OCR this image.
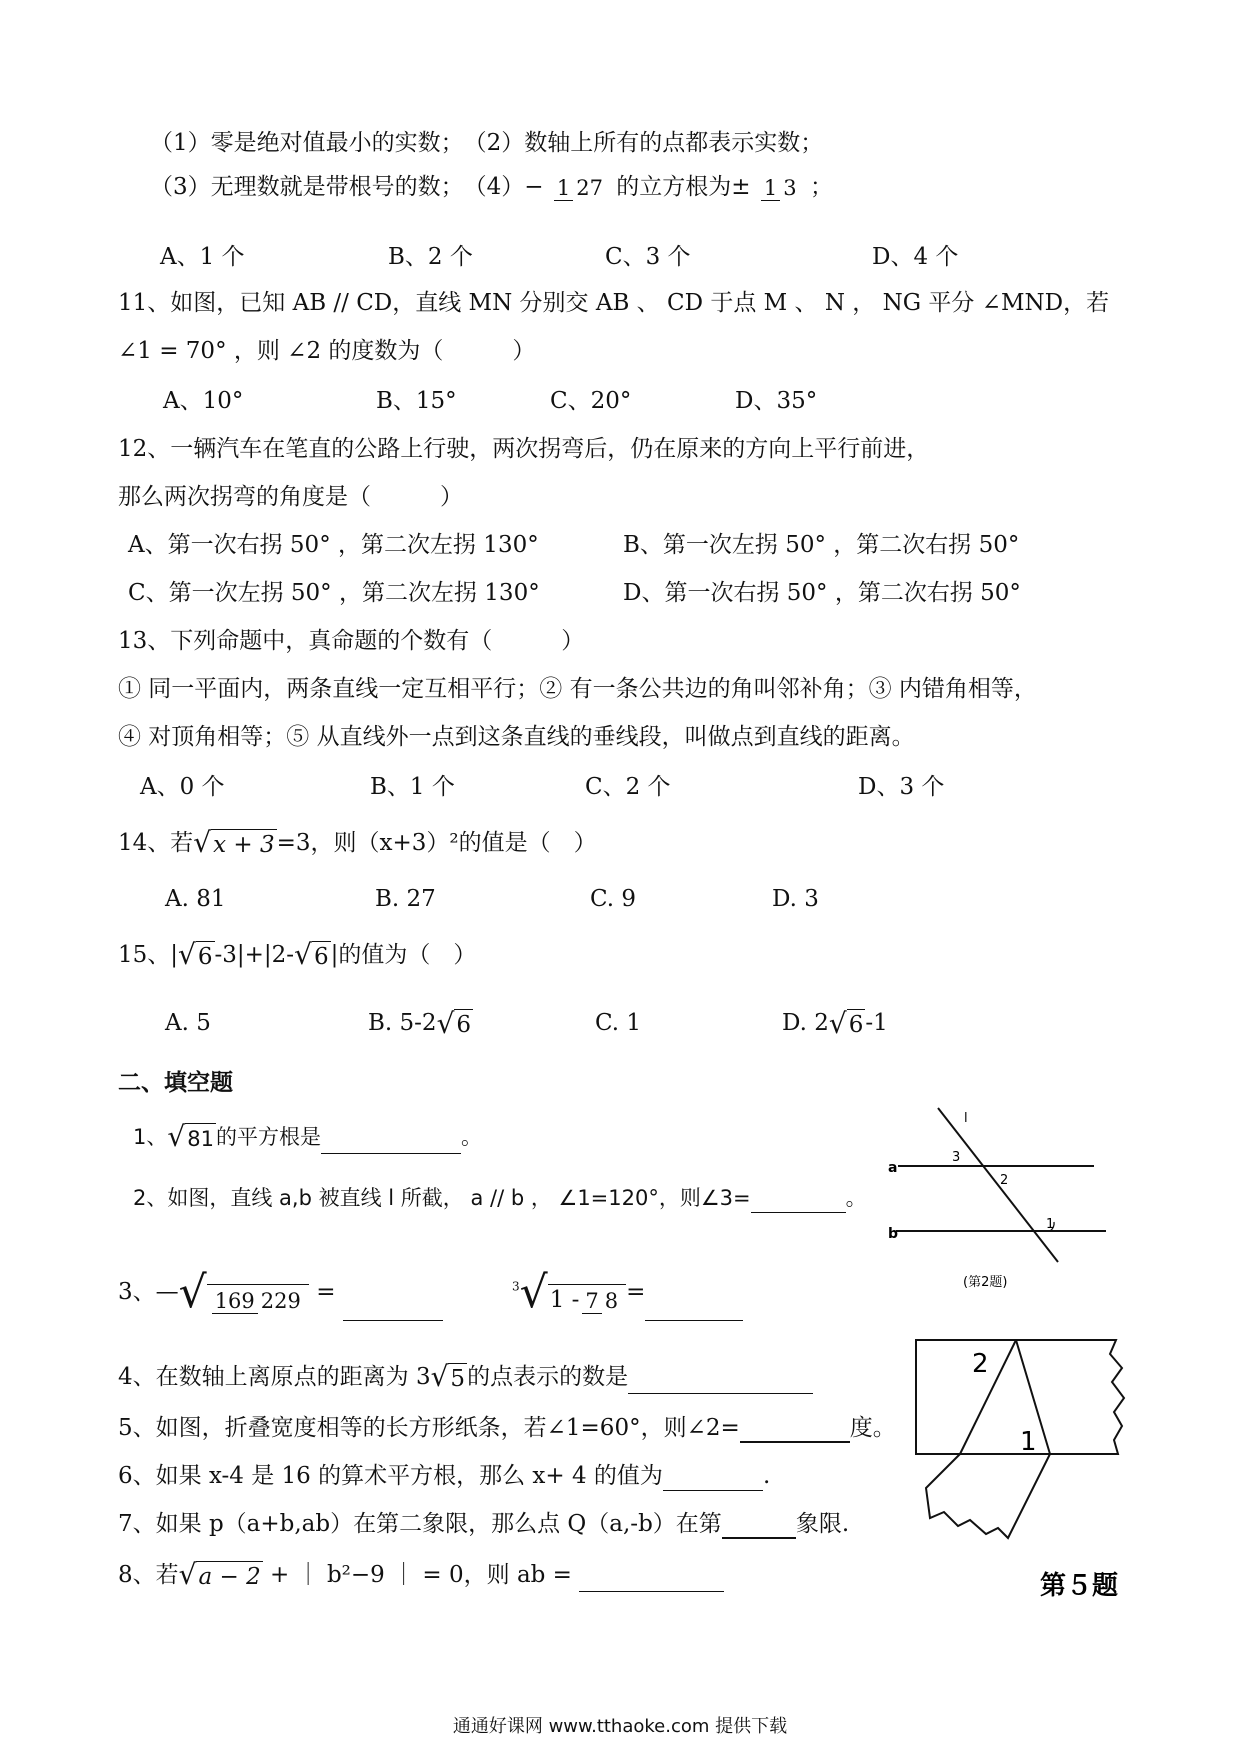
（1）零是绝对值最小的实数；（2）数轴上所有的点都表示实数；
（3）无理数就是带根号的数；（4）− 1 27 的立方根为± 1 3 ；
A、1 个	B、2 个	C、3 个	D、4 个
11、如图，已知 AB // CD，直线 MN 分别交 AB 、 CD 于点 M 、 N ， NG 平分 ∠MND，若
∠1 = 70° ，则 ∠2 的度数为（　　　）
A、10°	B、15°	C、20°	D、35°
12、一辆汽车在笔直的公路上行驶，两次拐弯后，仍在原来的方向上平行前进，
那么两次拐弯的角度是（　　　）
A、第一次右拐 50° ，第二次左拐 130°	B、第一次左拐 50° ，第二次右拐 50°
C、第一次左拐 50° ，第二次左拐 130°	D、第一次右拐 50° ，第二次右拐 50°
13、下列命题中，真命题的个数有（　　　）
① 同一平面内，两条直线一定互相平行；② 有一条公共边的角叫邻补角；③ 内错角相等，
④ 对顶角相等；⑤ 从直线外一点到这条直线的垂线段，叫做点到直线的距离。
A、0 个	B、1 个	C、2 个	D、3 个
14、若√x + 3=3，则（x+3）²的值是（　）
A. 81	B. 27	C. 9	D. 3
15、|√6-3|+|2-√6|的值为（　）
A. 5	B. 5-2 √ 6	C. 1	D. 2 √ 6 -1
二、填空题
1、√81的平方根是	。
2、如图，直线 a,b 被直线 l 所截， a // b ， ∠1=120°，则∠3=	。
a
b
l
3
2
1
(第2题)
3、—√ 169 229 =	$^3$√1 - 7 8 =
4、在数轴上离原点的距离为 3√5的点表示的数是
5、如图，折叠宽度相等的长方形纸条，若∠1=60°，则∠2=	度。
6、如果 x-4 是 16 的算术平方根，那么 x+ 4 的值为	.
7、如果 p（a+b,ab）在第二象限，那么点 Q（a,-b）在第	象限.
8、若√a − 2 + ｜ b²−9 ｜ = 0，则 ab =
2
1
第５题
通通好课网 www.tthaoke.com 提供下载
